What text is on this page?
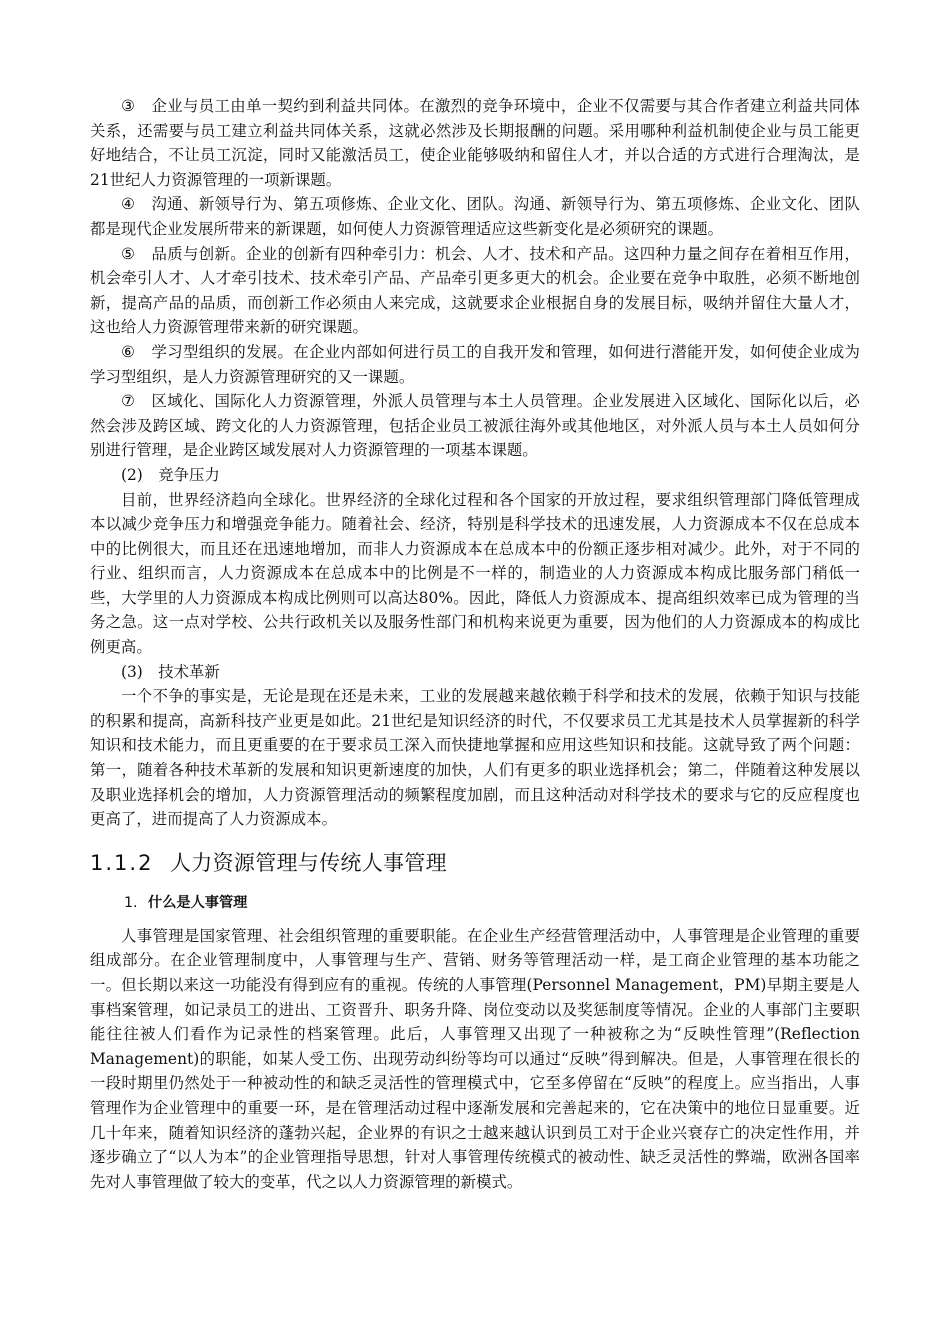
③ 企业与员工由单一契约到利益共同体。在激烈的竞争环境中，企业不仅需要与其合作者建立利益共同体关系，还需要与员工建立利益共同体关系，这就必然涉及长期报酬的问题。采用哪种利益机制使企业与员工能更好地结合，不让员工沉淀，同时又能激活员工，使企业能够吸纳和留住人才，并以合适的方式进行合理淘汰，是21世纪人力资源管理的一项新课题。

④ 沟通、新领导行为、第五项修炼、企业文化、团队。沟通、新领导行为、第五项修炼、企业文化、团队都是现代企业发展所带来的新课题，如何使人力资源管理适应这些新变化是必须研究的课题。

⑤ 品质与创新。企业的创新有四种牵引力：机会、人才、技术和产品。这四种力量之间存在着相互作用，机会牵引人才、人才牵引技术、技术牵引产品、产品牵引更多更大的机会。企业要在竞争中取胜，必须不断地创新，提高产品的品质，而创新工作必须由人来完成，这就要求企业根据自身的发展目标，吸纳并留住大量人才，这也给人力资源管理带来新的研究课题。

⑥ 学习型组织的发展。在企业内部如何进行员工的自我开发和管理，如何进行潜能开发，如何使企业成为学习型组织，是人力资源管理研究的又一课题。

⑦ 区域化、国际化人力资源管理，外派人员管理与本土人员管理。企业发展进入区域化、国际化以后，必然会涉及跨区域、跨文化的人力资源管理，包括企业员工被派往海外或其他地区，对外派人员与本土人员如何分别进行管理，是企业跨区域发展对人力资源管理的一项基本课题。

(2)　竞争压力

目前，世界经济趋向全球化。世界经济的全球化过程和各个国家的开放过程，要求组织管理部门降低管理成本以减少竞争压力和增强竞争能力。随着社会、经济，特别是科学技术的迅速发展，人力资源成本不仅在总成本中的比例很大，而且还在迅速地增加，而非人力资源成本在总成本中的份额正逐步相对减少。此外，对于不同的行业、组织而言，人力资源成本在总成本中的比例是不一样的，制造业的人力资源成本构成比服务部门稍低一些，大学里的人力资源成本构成比例则可以高达80%。因此，降低人力资源成本、提高组织效率已成为管理的当务之急。这一点对学校、公共行政机关以及服务性部门和机构来说更为重要，因为他们的人力资源成本的构成比例更高。

(3)　技术革新

一个不争的事实是，无论是现在还是未来，工业的发展越来越依赖于科学和技术的发展，依赖于知识与技能的积累和提高，高新科技产业更是如此。21世纪是知识经济的时代，不仅要求员工尤其是技术人员掌握新的科学知识和技术能力，而且更重要的在于要求员工深入而快捷地掌握和应用这些知识和技能。这就导致了两个问题：第一，随着各种技术革新的发展和知识更新速度的加快，人们有更多的职业选择机会；第二，伴随着这种发展以及职业选择机会的增加，人力资源管理活动的频繁程度加剧，而且这种活动对科学技术的要求与它的反应程度也更高了，进而提高了人力资源成本。

1.1.2 人力资源管理与传统人事管理
1. 什么是人事管理

人事管理是国家管理、社会组织管理的重要职能。在企业生产经营管理活动中，人事管理是企业管理的重要组成部分。在企业管理制度中，人事管理与生产、营销、财务等管理活动一样，是工商企业管理的基本功能之一。但长期以来这一功能没有得到应有的重视。传统的人事管理(Personnel Management，PM)早期主要是人事档案管理，如记录员工的进出、工资晋升、职务升降、岗位变动以及奖惩制度等情况。企业的人事部门主要职能往往被人们看作为记录性的档案管理。此后，人事管理又出现了一种被称之为“反映性管理”(Reflection Management)的职能，如某人受工伤、出现劳动纠纷等均可以通过“反映”得到解决。但是，人事管理在很长的一段时期里仍然处于一种被动性的和缺乏灵活性的管理模式中，它至多停留在“反映”的程度上。应当指出，人事管理作为企业管理中的重要一环，是在管理活动过程中逐渐发展和完善起来的，它在决策中的地位日显重要。近几十年来，随着知识经济的蓬勃兴起，企业界的有识之士越来越认识到员工对于企业兴衰存亡的决定性作用，并逐步确立了“以人为本”的企业管理指导思想，针对人事管理传统模式的被动性、缺乏灵活性的弊端，欧洲各国率先对人事管理做了较大的变革，代之以人力资源管理的新模式。
